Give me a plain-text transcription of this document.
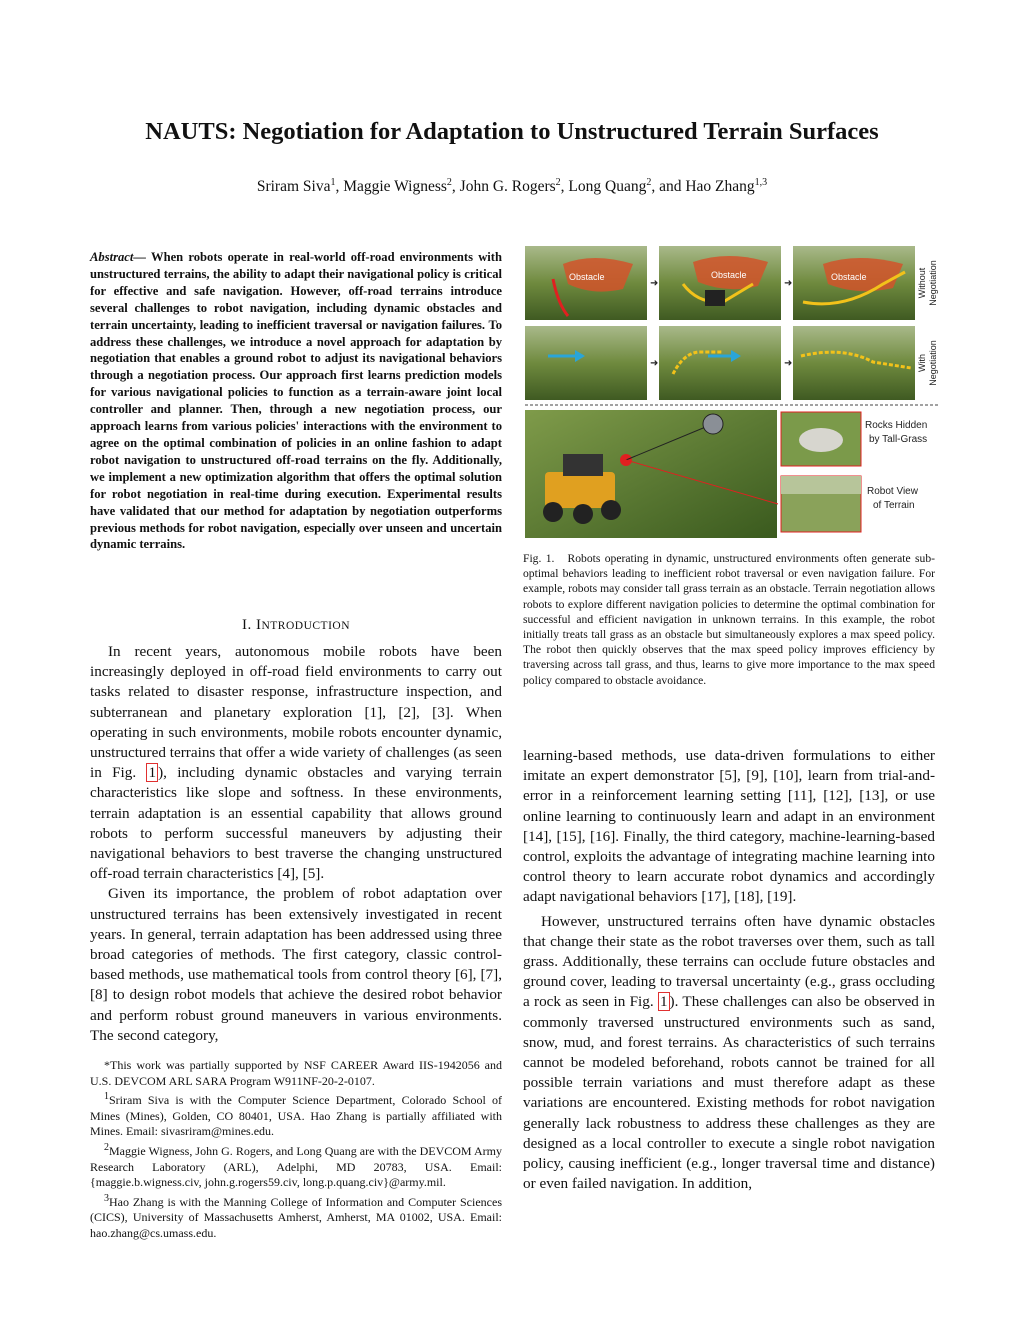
NAUTS: Negotiation for Adaptation to Unstructured Terrain Surfaces
Sriram Siva$^1$, Maggie Wigness$^2$, John G. Rogers$^2$, Long Quang$^2$, and Hao Zhang$^{1,3}$
Abstract— When robots operate in real-world off-road environments with unstructured terrains, the ability to adapt their navigational policy is critical for effective and safe navigation. However, off-road terrains introduce several challenges to robot navigation, including dynamic obstacles and terrain uncertainty, leading to inefficient traversal or navigation failures. To address these challenges, we introduce a novel approach for adaptation by negotiation that enables a ground robot to adjust its navigational behaviors through a negotiation process. Our approach first learns prediction models for various navigational policies to function as a terrain-aware joint local controller and planner. Then, through a new negotiation process, our approach learns from various policies' interactions with the environment to agree on the optimal combination of policies in an online fashion to adapt robot navigation to unstructured off-road terrains on the fly. Additionally, we implement a new optimization algorithm that offers the optimal solution for robot negotiation in real-time during execution. Experimental results have validated that our method for adaptation by negotiation outperforms previous methods for robot navigation, especially over unseen and uncertain dynamic terrains.
I. INTRODUCTION

In recent years, autonomous mobile robots have been increasingly deployed in off-road field environments to carry out tasks related to disaster response, infrastructure inspection, and subterranean and planetary exploration [1], [2], [3]. When operating in such environments, mobile robots encounter dynamic, unstructured terrains that offer a wide variety of challenges (as seen in Fig. 1 ), including dynamic obstacles and varying terrain characteristics like slope and softness. In these environments, terrain adaptation is an essential capability that allows ground robots to perform successful maneuvers by adjusting their navigational behaviors to best traverse the changing unstructured off-road terrain characteristics [4], [5].

Given its importance, the problem of robot adaptation over unstructured terrains has been extensively investigated in recent years. In general, terrain adaptation has been addressed using three broad categories of methods. The first category, classic control-based methods, use mathematical tools from control theory [6], [7], [8] to design robot models that achieve the desired robot behavior and perform robust ground maneuvers in various environments. The second category,

*This work was partially supported by NSF CAREER Award IIS-1942056 and U.S. DEVCOM ARL SARA Program W911NF-20-2-0107.

$^1$Sriram Siva is with the Computer Science Department, Colorado School of Mines (Mines), Golden, CO 80401, USA. Hao Zhang is partially affiliated with Mines. Email: sivasriram@mines.edu.

$^2$Maggie Wigness, John G. Rogers, and Long Quang are with the DEVCOM Army Research Laboratory (ARL), Adelphi, MD 20783, USA. Email: {maggie.b.wigness.civ, john.g.rogers59.civ, long.p.quang.civ}@army.mil.

$^3$Hao Zhang is with the Manning College of Information and Computer Sciences (CICS), University of Massachusetts Amherst, Amherst, MA 01002, USA. Email: hao.zhang@cs.umass.edu.

Obstacle
➜
Obstacle
➜
Obstacle	Without Negotiation
➜	➜	With Negotiation
Rocks Hidden
by Tall-Grass
Robot View
of Terrain
Fig. 1. Robots operating in dynamic, unstructured environments often generate sub-optimal behaviors leading to inefficient robot traversal or even navigation failure. For example, robots may consider tall grass terrain as an obstacle. Terrain negotiation allows robots to explore different navigation policies to determine the optimal combination for successful and efficient navigation in unknown terrains. In this example, the robot initially treats tall grass as an obstacle but simultaneously explores a max speed policy. The robot then quickly observes that the max speed policy improves efficiency by traversing across tall grass, and thus, learns to give more importance to the max speed policy compared to obstacle avoidance.

learning-based methods, use data-driven formulations to either imitate an expert demonstrator [5], [9], [10], learn from trial-and-error in a reinforcement learning setting [11], [12], [13], or use online learning to continuously learn and adapt in an environment [14], [15], [16]. Finally, the third category, machine-learning-based control, exploits the advantage of integrating machine learning into control theory to learn accurate robot dynamics and accordingly adapt navigational behaviors [17], [18], [19].

However, unstructured terrains often have dynamic obstacles that change their state as the robot traverses over them, such as tall grass. Additionally, these terrains can occlude future obstacles and ground cover, leading to traversal uncertainty (e.g., grass occluding a rock as seen in Fig. 1 ). These challenges can also be observed in commonly traversed unstructured environments such as sand, snow, mud, and forest terrains. As characteristics of such terrains cannot be modeled beforehand, robots cannot be trained for all possible terrain variations and must therefore adapt as these variations are encountered. Existing methods for robot navigation generally lack robustness to address these challenges as they are designed as a local controller to execute a single robot navigation policy, causing inefficient (e.g., longer traversal time and distance) or even failed navigation. In addition,
